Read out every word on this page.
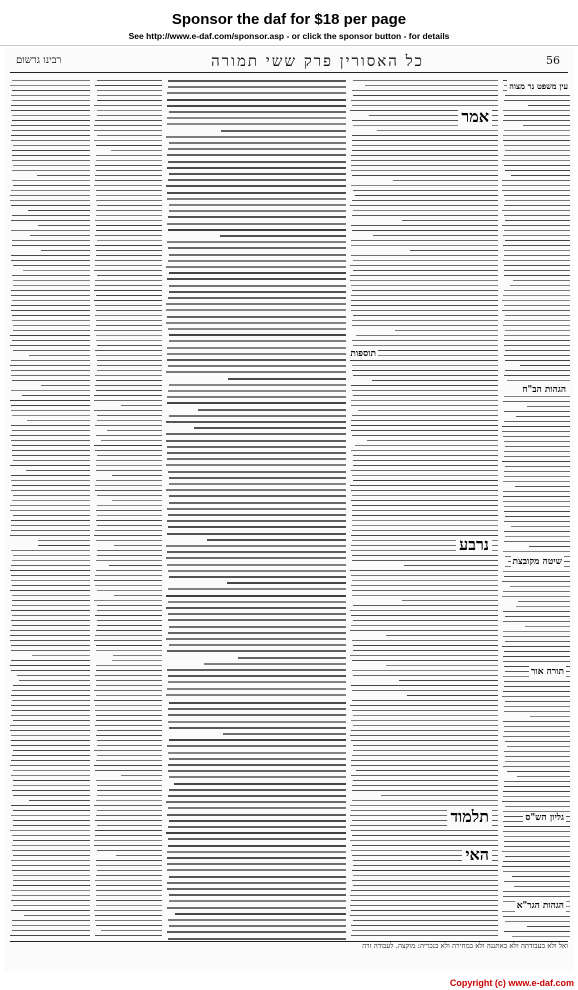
Sponsor the daf for $18 per page
See http://www.e-daf.com/sponsor.asp - or click the sponsor button - for details
56
כל האסורין פרק ששי תמורה
רבינו גרשום
עין משפט נר מצוה
הגהות הב"ח
אמר
נרבע
שיטה מקובצת
תוספות
תלמוד
האי
תורה אור
גליון הש"ס
הגהות הגר"א
ואל ולא בעבודתה ולא באתננה ולא במחירה ולא בנכריה: מוקצה. לעבודה זרה
Copyright (c) www.e-daf.com
